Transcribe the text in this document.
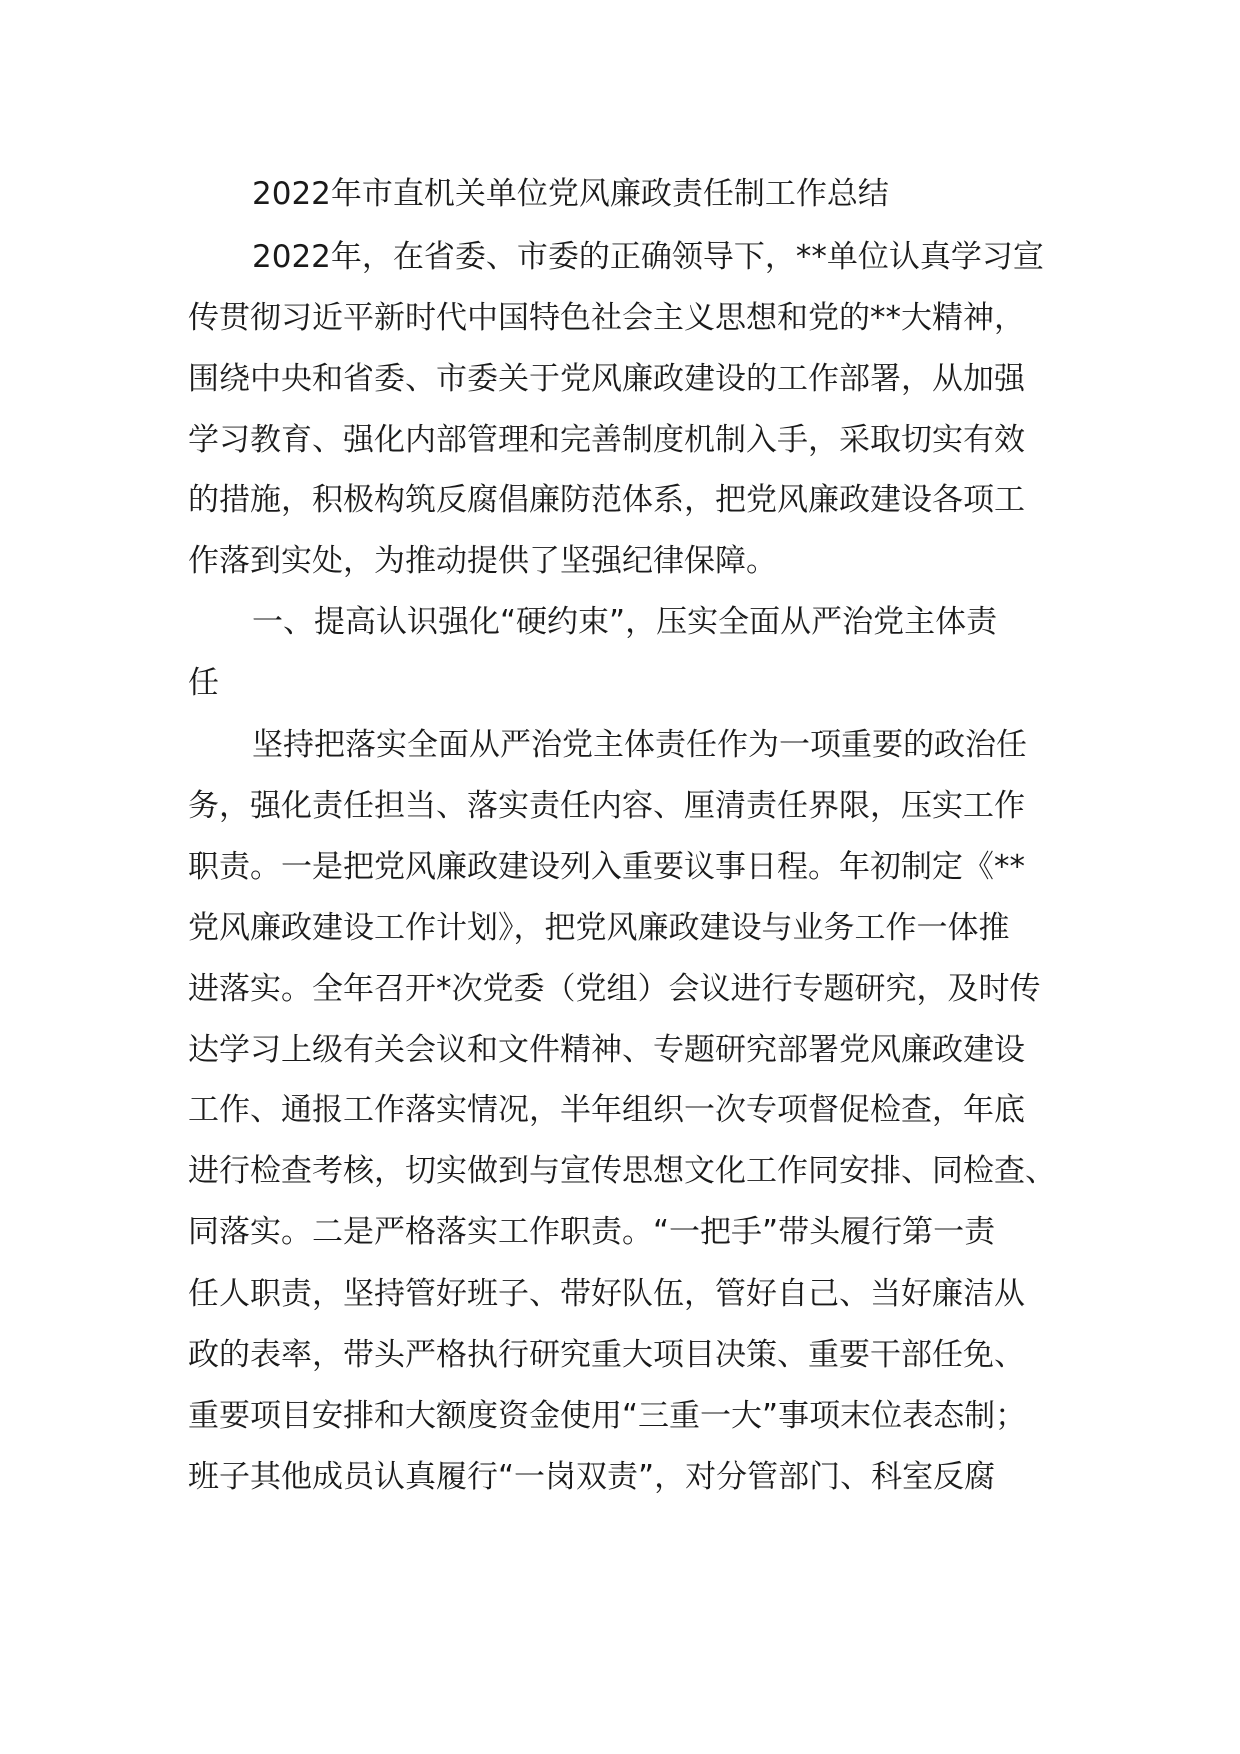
2022年市直机关单位党风廉政责任制工作总结
2022年，在省委、市委的正确领导下，**单位认真学习宣
传贯彻习近平新时代中国特色社会主义思想和党的**大精神，
围绕中央和省委、市委关于党风廉政建设的工作部署，从加强
学习教育、强化内部管理和完善制度机制入手，采取切实有效
的措施，积极构筑反腐倡廉防范体系，把党风廉政建设各项工
作落到实处，为推动提供了坚强纪律保障。
一、提高认识强化“硬约束”，压实全面从严治党主体责
任
坚持把落实全面从严治党主体责任作为一项重要的政治任
务，强化责任担当、落实责任内容、厘清责任界限，压实工作
职责。一是把党风廉政建设列入重要议事日程。年初制定《**
党风廉政建设工作计划》，把党风廉政建设与业务工作一体推
进落实。全年召开*次党委（党组）会议进行专题研究，及时传
达学习上级有关会议和文件精神、专题研究部署党风廉政建设
工作、通报工作落实情况，半年组织一次专项督促检查，年底
进行检查考核，切实做到与宣传思想文化工作同安排、同检查、
同落实。二是严格落实工作职责。“一把手”带头履行第一责
任人职责，坚持管好班子、带好队伍，管好自己、当好廉洁从
政的表率，带头严格执行研究重大项目决策、重要干部任免、
重要项目安排和大额度资金使用“三重一大”事项末位表态制；
班子其他成员认真履行“一岗双责”，对分管部门、科室反腐
